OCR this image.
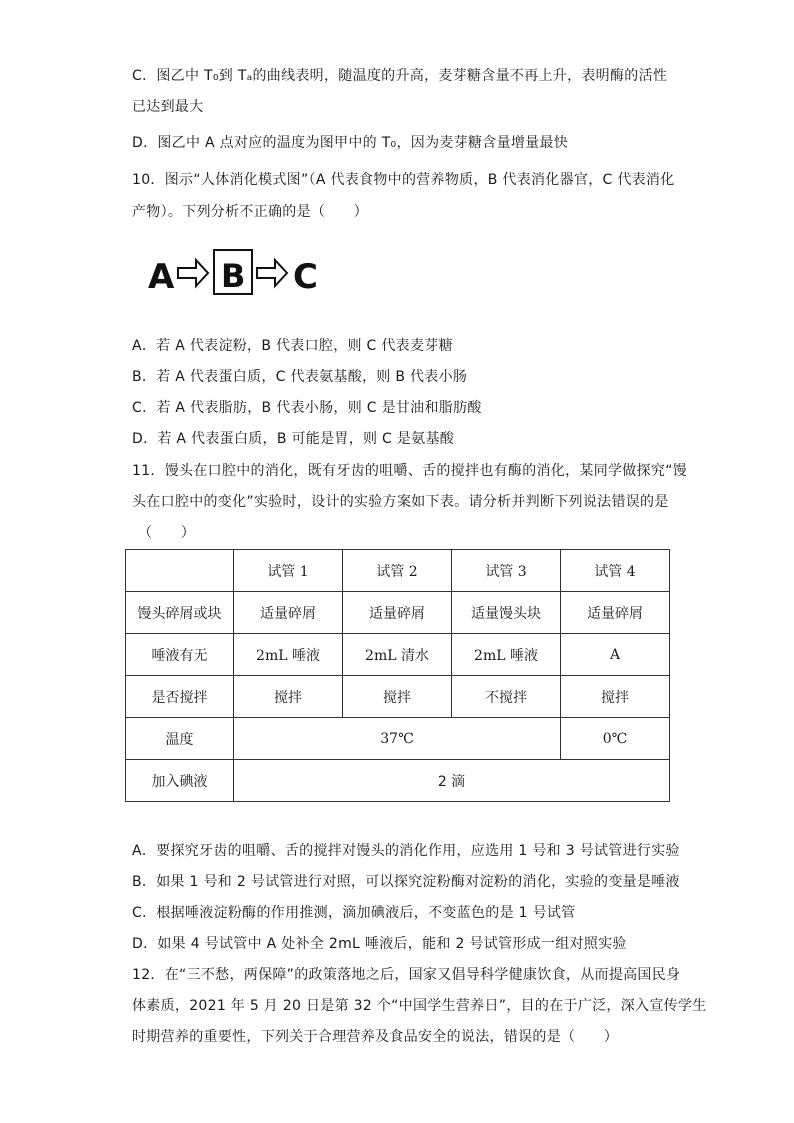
C．图乙中 T₀到 Tₐ的曲线表明，随温度的升高，麦芽糖含量不再上升，表明酶的活性
已达到最大
D．图乙中 A 点对应的温度为图甲中的 T₀，因为麦芽糖含量增量最快
10．图示“人体消化模式图”（A 代表食物中的营养物质，B 代表消化器官，C 代表消化
产物）。下列分析不正确的是（　　）
A B C
A．若 A 代表淀粉，B 代表口腔，则 C 代表麦芽糖
B．若 A 代表蛋白质，C 代表氨基酸，则 B 代表小肠
C．若 A 代表脂肪，B 代表小肠，则 C 是甘油和脂肪酸
D．若 A 代表蛋白质，B 可能是胃，则 C 是氨基酸
11．馒头在口腔中的消化，既有牙齿的咀嚼、舌的搅拌也有酶的消化，某同学做探究“馒
头在口腔中的变化”实验时，设计的实验方案如下表。请分析并判断下列说法错误的是
（　　）
	试管 1	试管 2	试管 3	试管 4
馒头碎屑或块	适量碎屑	适量碎屑	适量馒头块	适量碎屑
唾液有无	2mL 唾液	2mL 清水	2mL 唾液	A
是否搅拌	搅拌	搅拌	不搅拌	搅拌
温度	37℃			0℃
加入碘液	2 滴			
A．要探究牙齿的咀嚼、舌的搅拌对馒头的消化作用，应选用 1 号和 3 号试管进行实验
B．如果 1 号和 2 号试管进行对照，可以探究淀粉酶对淀粉的消化，实验的变量是唾液
C．根据唾液淀粉酶的作用推测，滴加碘液后，不变蓝色的是 1 号试管
D．如果 4 号试管中 A 处补全 2mL 唾液后，能和 2 号试管形成一组对照实验
12．在“三不愁，两保障”的政策落地之后，国家又倡导科学健康饮食，从而提高国民身
体素质，2021 年 5 月 20 日是第 32 个“中国学生营养日”，目的在于广泛，深入宣传学生
时期营养的重要性，下列关于合理营养及食品安全的说法，错误的是（　　）
